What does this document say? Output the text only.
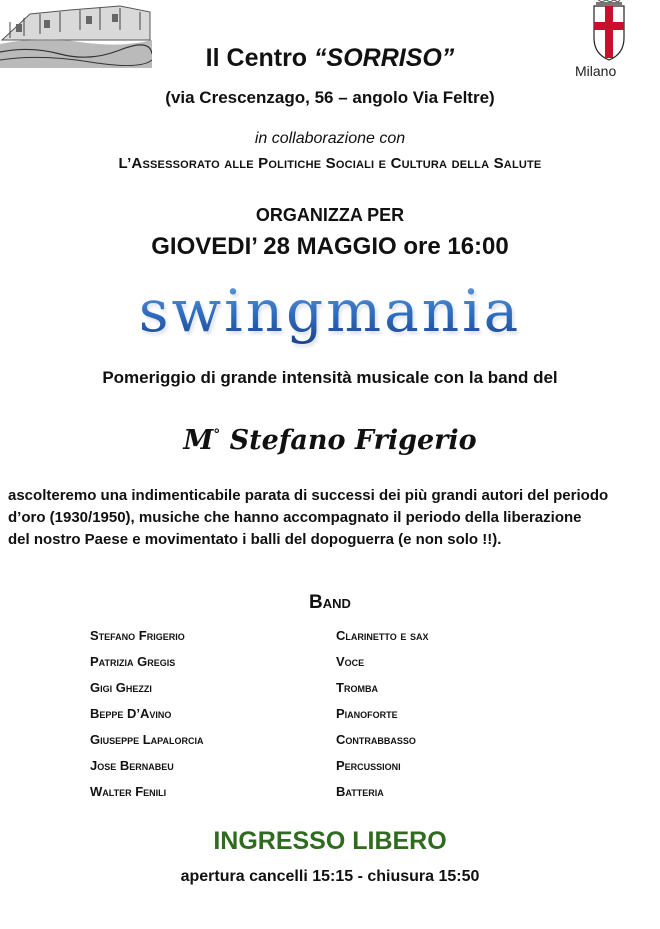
Milano
Il Centro “SORRISO”
(via Crescenzago, 56 – angolo Via Feltre)
in collaborazione con
L’Assessorato alle Politiche Sociali e Cultura della Salute
ORGANIZZA PER
GIOVEDI’ 28 MAGGIO ore 16:00
swingmania
Pomeriggio di grande intensità musicale con la band del
M° Stefano Frigerio
ascolteremo una indimenticabile parata di successi dei più grandi autori del periodo
d’oro (1930/1950), musiche che hanno accompagnato il periodo della liberazione
del nostro Paese e movimentato i balli del dopoguerra (e non solo !!).
Band
Stefano Frigerio	Clarinetto e sax
Patrizia Gregis	Voce
Gigi Ghezzi	Tromba
Beppe D’Avino	Pianoforte
Giuseppe Lapalorcia	Contrabbasso
Jose Bernabeu	Percussioni
Walter Fenili	Batteria
INGRESSO LIBERO
apertura cancelli 15:15 - chiusura 15:50
